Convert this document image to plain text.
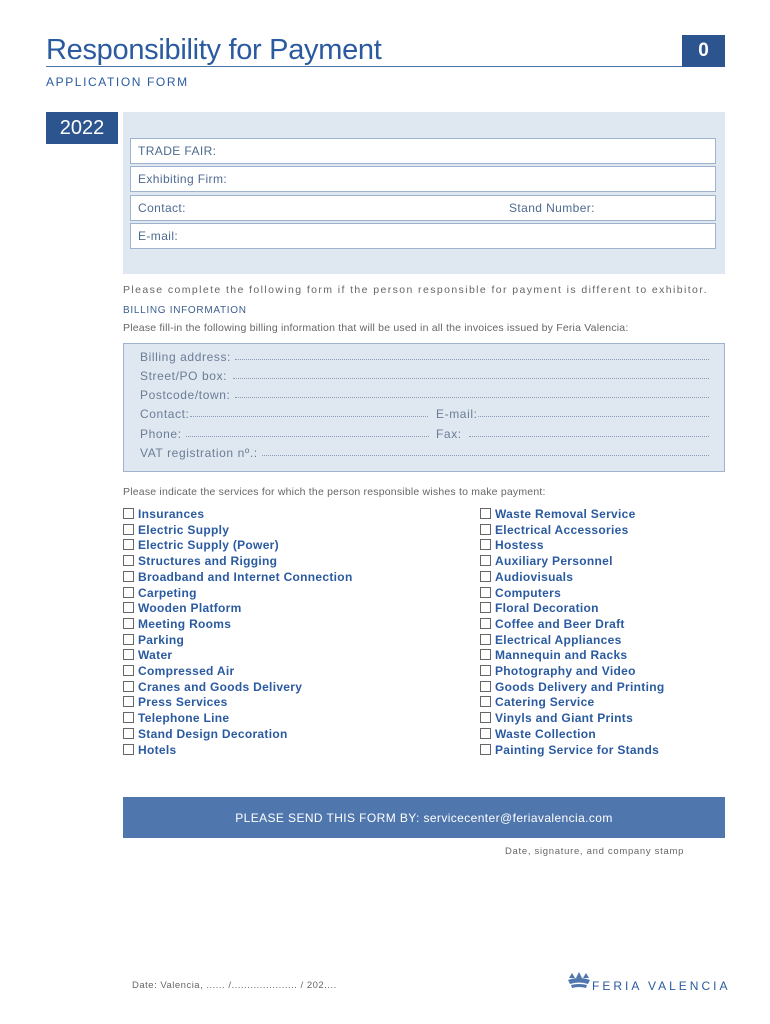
Responsibility for Payment	0
APPLICATION FORM
2022
TRADE FAIR:
Exhibiting Firm:
Contact:	Stand Number:
E-mail:
Please complete the following form if the person responsible for payment is different to exhibitor.
BILLING INFORMATION
Please fill-in the following billing information that will be used in all the invoices issued by Feria Valencia:
Billing address:
Street/PO box:
Postcode/town:
Contact:	E-mail:
Phone:	Fax:
VAT registration nº.:
Please indicate the services for which the person responsible wishes to make payment:
Insurances
Electric Supply
Electric Supply (Power)
Structures and Rigging
Broadband and Internet Connection
Carpeting
Wooden Platform
Meeting Rooms
Parking
Water
Compressed Air
Cranes and Goods Delivery
Press Services
Telephone Line
Stand Design Decoration
Hotels
Waste Removal Service
Electrical Accessories
Hostess
Auxiliary Personnel
Audiovisuals
Computers
Floral Decoration
Coffee and Beer Draft
Electrical Appliances
Mannequin and Racks
Photography and Video
Goods Delivery and Printing
Catering Service
Vinyls and Giant Prints
Waste Collection
Painting Service for Stands
PLEASE SEND THIS FORM BY: servicecenter@feriavalencia.com
Date, signature, and company stamp
Date: Valencia, ...... /..................... / 202....	FERIA VALENCIA
